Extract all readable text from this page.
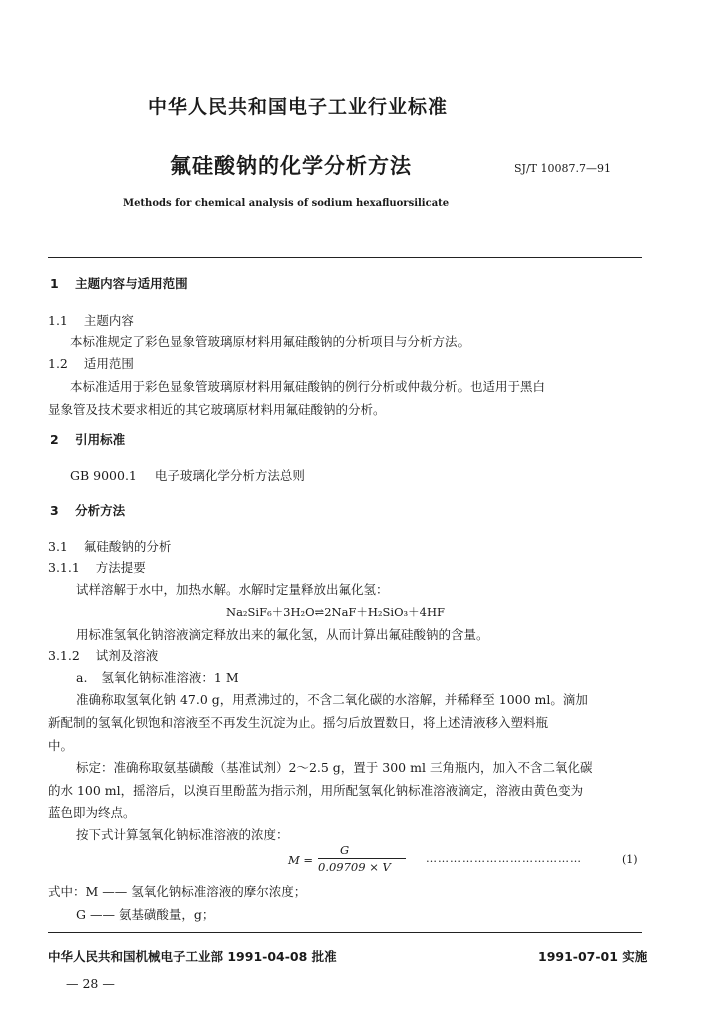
中华人民共和国电子工业行业标准
氟硅酸钠的化学分析方法	SJ/T 10087.7—91
Methods for chemical analysis of sodium hexafluorsilicate
1 主题内容与适用范围
1.1 主题内容
本标准规定了彩色显象管玻璃原材料用氟硅酸钠的分析项目与分析方法。
1.2 适用范围
本标准适用于彩色显象管玻璃原材料用氟硅酸钠的例行分析或仲裁分析。也适用于黑白
显象管及技术要求相近的其它玻璃原材料用氟硅酸钠的分析。
2 引用标准
GB 9000.1 电子玻璃化学分析方法总则
3 分析方法
3.1 氟硅酸钠的分析
3.1.1 方法提要
试样溶解于水中，加热水解。水解时定量释放出氟化氢：
Na₂SiF₆＋3H₂O⇌2NaF＋H₂SiO₃＋4HF
用标准氢氧化钠溶液滴定释放出来的氟化氢，从而计算出氟硅酸钠的含量。
3.1.2 试剂及溶液
a. 氢氧化钠标准溶液：1 M
准确称取氢氧化钠 47.0 g，用煮沸过的，不含二氧化碳的水溶解，并稀释至 1000 ml。滴加
新配制的氢氧化钡饱和溶液至不再发生沉淀为止。摇匀后放置数日，将上述清液移入塑料瓶
中。
标定：准确称取氨基磺酸（基准试剂）2～2.5 g，置于 300 ml 三角瓶内，加入不含二氧化碳
的水 100 ml，摇溶后，以溴百里酚蓝为指示剂，用所配氢氧化钠标准溶液滴定，溶液由黄色变为
蓝色即为终点。
按下式计算氢氧化钠标准溶液的浓度：
M =
G
0.09709 × V
…………………………………	(1)
式中：M —— 氢氧化钠标准溶液的摩尔浓度；
G —— 氨基磺酸量，g；
中华人民共和国机械电子工业部 1991-04-08 批准	1991-07-01 实施
— 28 —
